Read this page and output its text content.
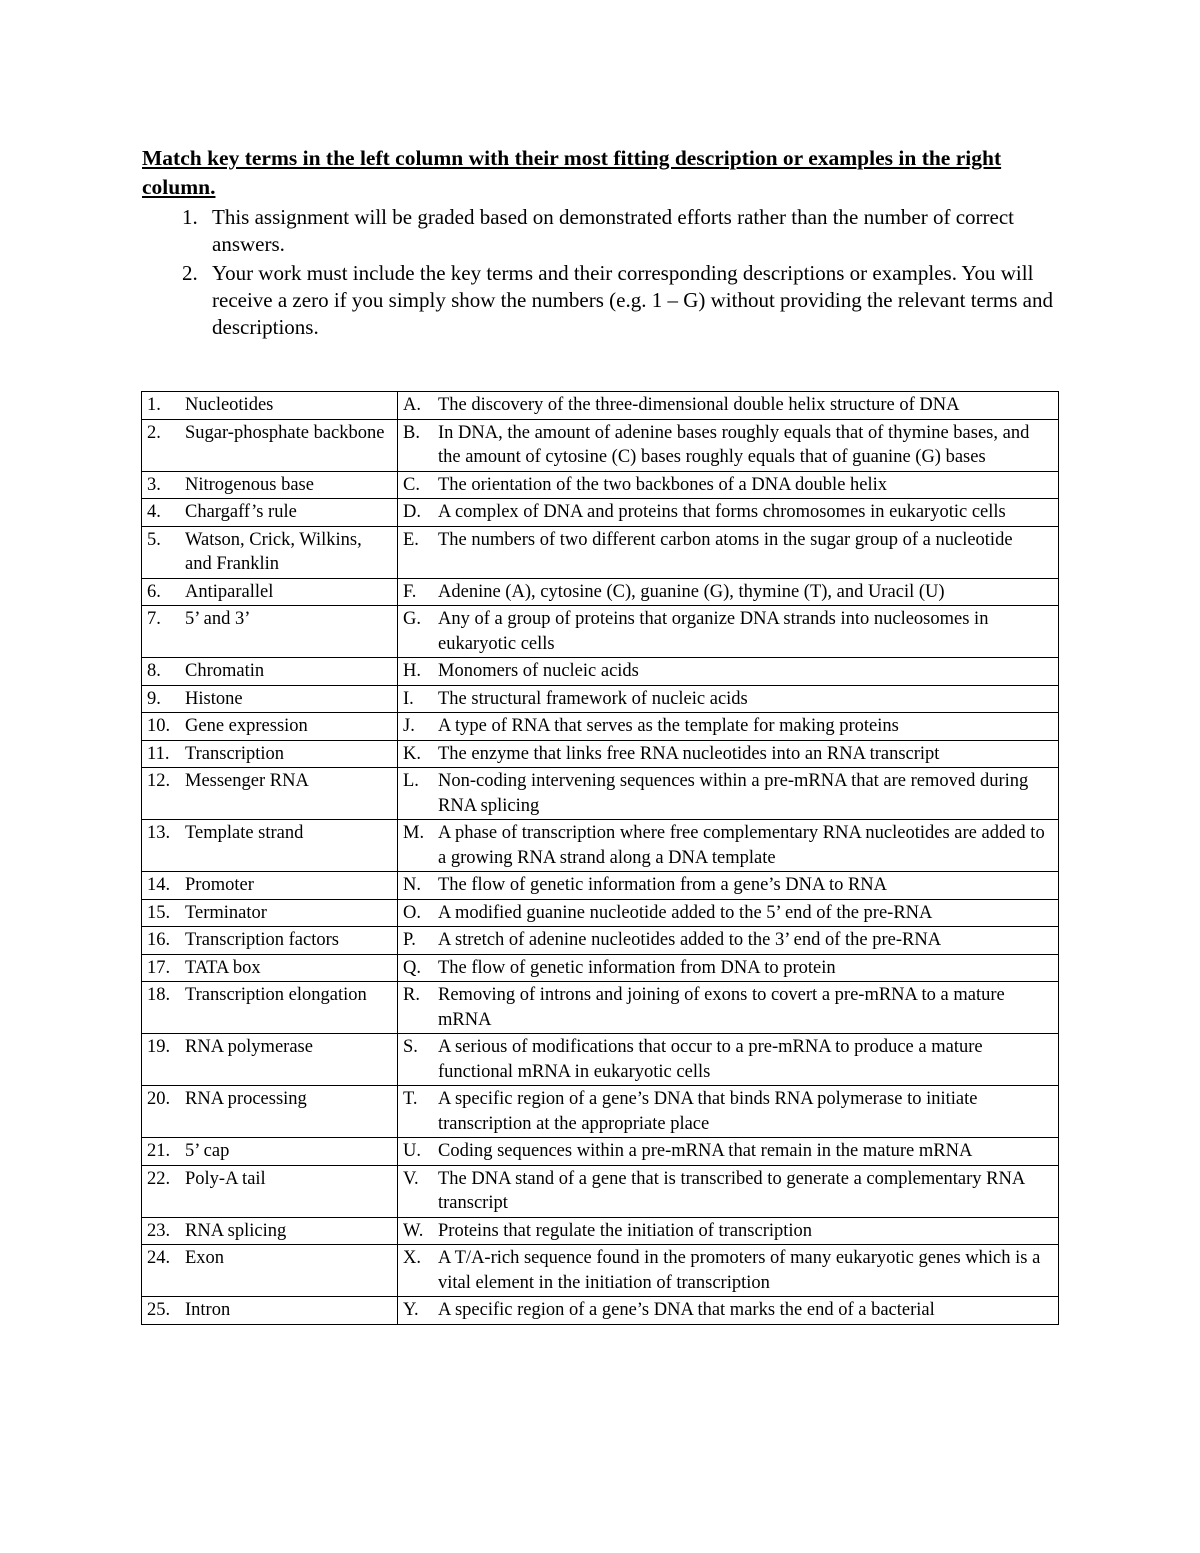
Match key terms in the left column with their most fitting description or examples in the right column.
1. This assignment will be graded based on demonstrated efforts rather than the number of correct answers.
2. Your work must include the key terms and their corresponding descriptions or examples. You will receive a zero if you simply show the numbers (e.g. 1 – G) without providing the relevant terms and descriptions.
1. Nucleotides	A. The discovery of the three-dimensional double helix structure of DNA

2. Sugar-phosphate backbone	B. In DNA, the amount of adenine bases roughly equals that of thymine bases, and the amount of cytosine (C) bases roughly equals that of guanine (G) bases

3. Nitrogenous base	C. The orientation of the two backbones of a DNA double helix

4. Chargaff’s rule	D. A complex of DNA and proteins that forms chromosomes in eukaryotic cells

5. Watson, Crick, Wilkins, and Franklin	E. The numbers of two different carbon atoms in the sugar group of a nucleotide

6. Antiparallel	F. Adenine (A), cytosine (C), guanine (G), thymine (T), and Uracil (U)

7. 5’ and 3’	G. Any of a group of proteins that organize DNA strands into nucleosomes in eukaryotic cells

8. Chromatin	H. Monomers of nucleic acids

9. Histone	I. The structural framework of nucleic acids

10. Gene expression	J. A type of RNA that serves as the template for making proteins

11. Transcription	K. The enzyme that links free RNA nucleotides into an RNA transcript

12. Messenger RNA	L. Non-coding intervening sequences within a pre-mRNA that are removed during RNA splicing

13. Template strand	M. A phase of transcription where free complementary RNA nucleotides are added to a growing RNA strand along a DNA template

14. Promoter	N. The flow of genetic information from a gene’s DNA to RNA

15. Terminator	O. A modified guanine nucleotide added to the 5’ end of the pre-RNA

16. Transcription factors	P. A stretch of adenine nucleotides added to the 3’ end of the pre-RNA

17. TATA box	Q. The flow of genetic information from DNA to protein

18. Transcription elongation	R. Removing of introns and joining of exons to covert a pre-mRNA to a mature mRNA

19. RNA polymerase	S. A serious of modifications that occur to a pre-mRNA to produce a mature functional mRNA in eukaryotic cells

20. RNA processing	T. A specific region of a gene’s DNA that binds RNA polymerase to initiate transcription at the appropriate place

21. 5’ cap	U. Coding sequences within a pre-mRNA that remain in the mature mRNA

22. Poly-A tail	V. The DNA stand of a gene that is transcribed to generate a complementary RNA transcript

23. RNA splicing	W. Proteins that regulate the initiation of transcription

24. Exon	X. A T/A-rich sequence found in the promoters of many eukaryotic genes which is a vital element in the initiation of transcription

25. Intron	Y. A specific region of a gene’s DNA that marks the end of a bacterial
